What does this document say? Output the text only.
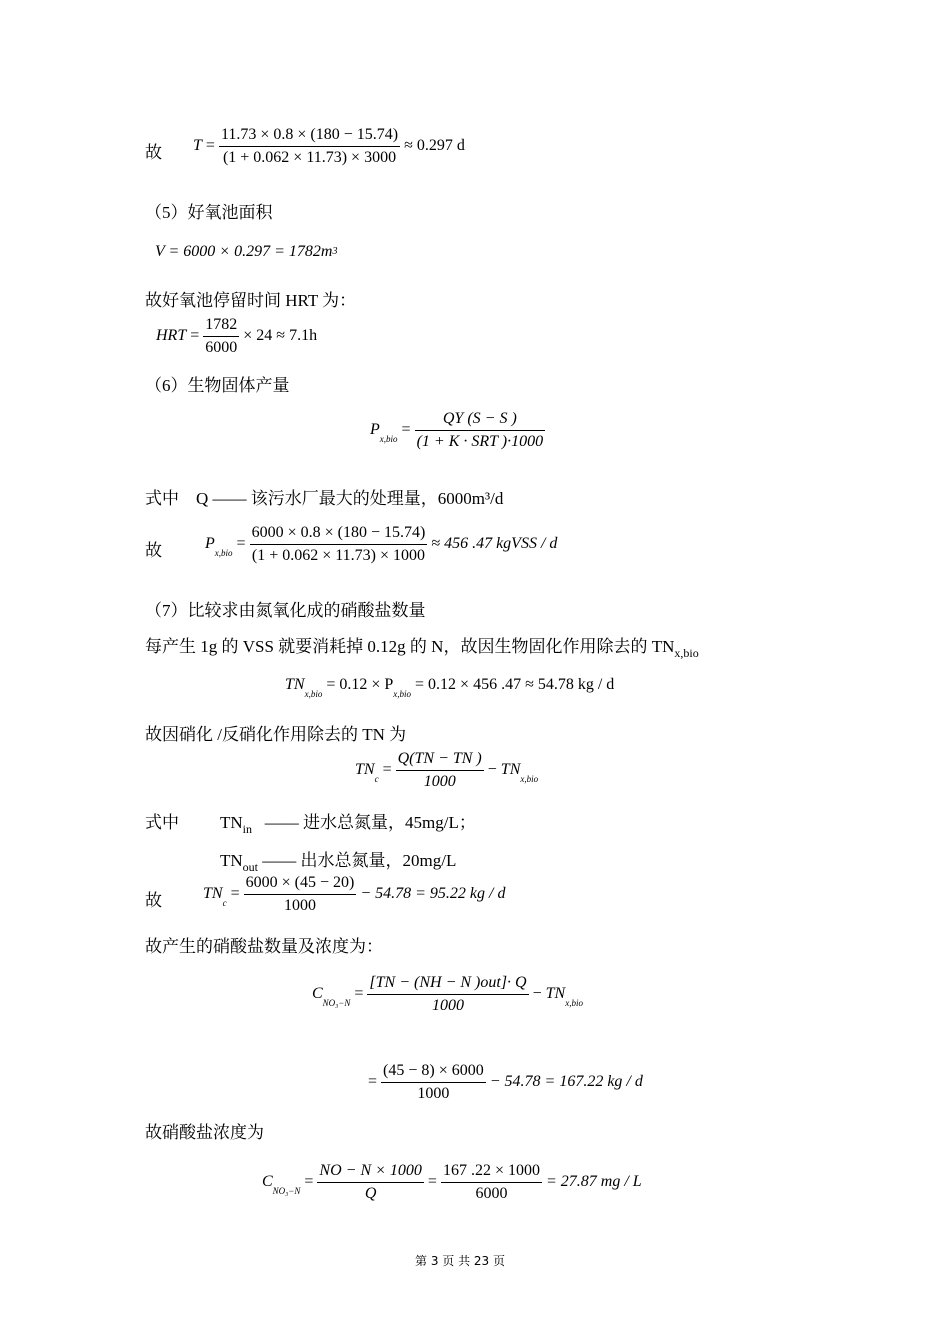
故 $T = \frac{11.73 \times 0.8 \times (180 - 15.74)}{(1 + 0.062 \times 11.73) \times 3000} \approx 0.297$ d
（5）好氧池面积
V = 6000 × 0.297 = 1782m3
故好氧池停留时间 HRT 为：
HRT = $\frac{1782}{6000} \times 24 \approx 7.1h$
（6）生物固体产量
$P_{x,bio} = \frac{QY (S - S )}{\text{(1 + K · SRT )·1000}}$
式中　Q —— 该污水厂最大的处理量，6000m³/d
故	$P_{x,bio} = \frac{6000 \times 0.8 \times (180 - 15.74)}{(1 + 0.062 \times 11.73) \times 1000} \approx 456$ .47 kgVSS / d
（7）比较求由氮氧化成的硝酸盐数量
每产生 1g 的 VSS 就要消耗掉 0.12g 的 N，故因生物固化作用除去的 $TN_{x,bio}$
$TN_{x,bio} = 0.12 \times P_{x,bio} = 0.12 \times 456$ .47 ≈ 54.78 kg / d
故因硝化 /反硝化作用除去的 TN 为
$TN_c = \frac{Q(TN - TN )}{1000} - TN_{x,bio}$
式中 $TN_{in}$ —— 进水总氮量，45mg/L；
$TN_{out}$ —— 出水总氮量，20mg/L
故	$TN_c = \frac{6000 \times (45 - 20)}{1000} - 54.78 = 95.22$ kg / d
故产生的硝酸盐数量及浓度为：
$C_{NO_3-N} = \frac{\text{[TN − (NH − N )out]· Q}}{1000} - TN_{x,bio}$
= $\frac{(45 - 8) \times 6000}{1000} - 54.78 = 167.22$ kg / d
故硝酸盐浓度为
$C_{NO_3-N} = \frac{NO - N \times 1000}{Q} = \frac{167 .22 \times 1000}{6000} = 27.87$ mg / L
第 3 页 共 23 页
